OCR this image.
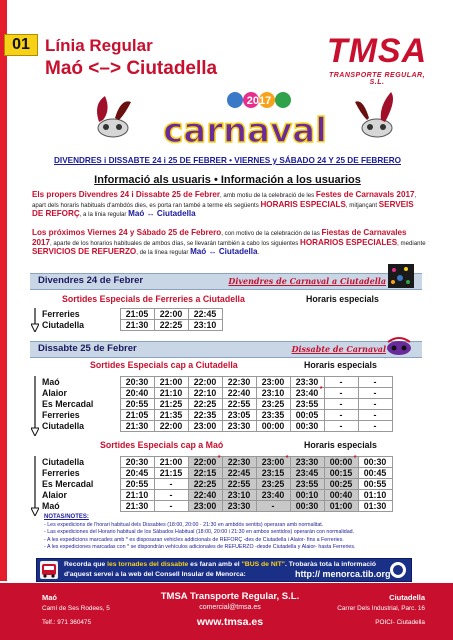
01 Línia Regular
Maó <–> Ciutadella	TMSA
TRANSPORTE REGULAR, S.L.
2017
carnaval
DIVENDRES i DISSABTE 24 i 25 DE FEBRER • VIERNES y SÁBADO 24 Y 25 DE FEBRERO
Informació als usuaris • Información a los usuarios
Els propers Divendres 24 i Dissabte 25 de Febrer, amb motiu de la celebració de les Festes de Carnavals 2017, apart dels horaris habituals d'ambdós dies, es porta ran també a terme els següents HORARIS ESPECIALS, mitjançant SERVEIS DE REFORÇ, a la línia regular Maó ↔ Ciutadella
Los próximos Viernes 24 y Sábado 25 de Febrero, con motivo de la celebración de las Fiestas de Carnavales 2017, aparte de los horarios habituales de ambos días, se llevarán también a cabo los siguientes HORARIOS ESPECIALES, mediante SERVICIOS DE REFUERZO, de la línea regular Maó ↔ Ciutadella.
Divendres 24 de Febrer	Divendres de Carnaval a Ciutadella
Sortides Especials de Ferreries a Ciutadella	Horaris especials
Ferreries	21:05	22:00	22:45
Ciutadella	21:30	22:25	23:10
Dissabte 25 de Febrer	Dissabte de Carnaval
Sortides Especials cap a Ciutadella	Horaris especials
Maó	20:30	21:00	22:00	22:30	23:00	23:30	-	-
Alaior	20:40	21:10	22:10	22:40	23:10	23:40 *	-	-
Es Mercadal	20:55	21:25	22:25	22:55	23:25	23:55	-	-
Ferreries	21:05	21:35	22:35	23:05	23:35	00:05	-	-
Ciutadella	21:30	22:00	23:00	23:30	00:00	00:30	-	-
Sortides Especials cap a Maó	Horaris especials
Ciutadella	20:30	21:00	22:00 *	22:30	23:00 *	23:30	00:00 *	00:30
Ferreries	20:45	21:15	22:15	22:45	23:15	23:45	00:15	00:45
Es Mercadal	20:55	-	22:25	22:55	23:25	23:55	00:25	00:55
Alaior	21:10	-	22:40	23:10	23:40	00:10	00:40	01:10
Maó	21:30	-	23:00	23:30	-	00:30	01:00	01:30
NOTAS/NOTES:
- Les expedicions de l'horari habitual dels Dissabtes (18:00, 20:00 · 21:30 en ambdós sentits) operaran amb normalitat.
- Las expediciones del Horario habitual de los Sábados Habitual (18:00, 20:00 i 21:30 en ambos sentidos) operarán con normalidad.
- A les expedicions marcades amb * es disposaran vehicles addicionals de REFORÇ -des de Ciutadella i Alaior- fins a Ferreries.
- A les expediciones marcadas con * se dispondrán vehículos adicionales de REFUERZO -desde Ciutadella y Alaior- hasta Ferreries.
Recorda que les tornades del dissabte es faran amb el "BUS de NIT". Trobaràs tota la informació
d'aquest servei a la web del Consell Insular de Menorca:	http:// menorca.tib.org
Maó
Camí de Ses Rodees, 5
Telf.: 971 360475
TMSA Transporte Regular, S.L.
comercial@tmsa.es
www.tmsa.es
Ciutadella
Carrer Dels Industrial, Parc. 16
POICI- Ciutadella
